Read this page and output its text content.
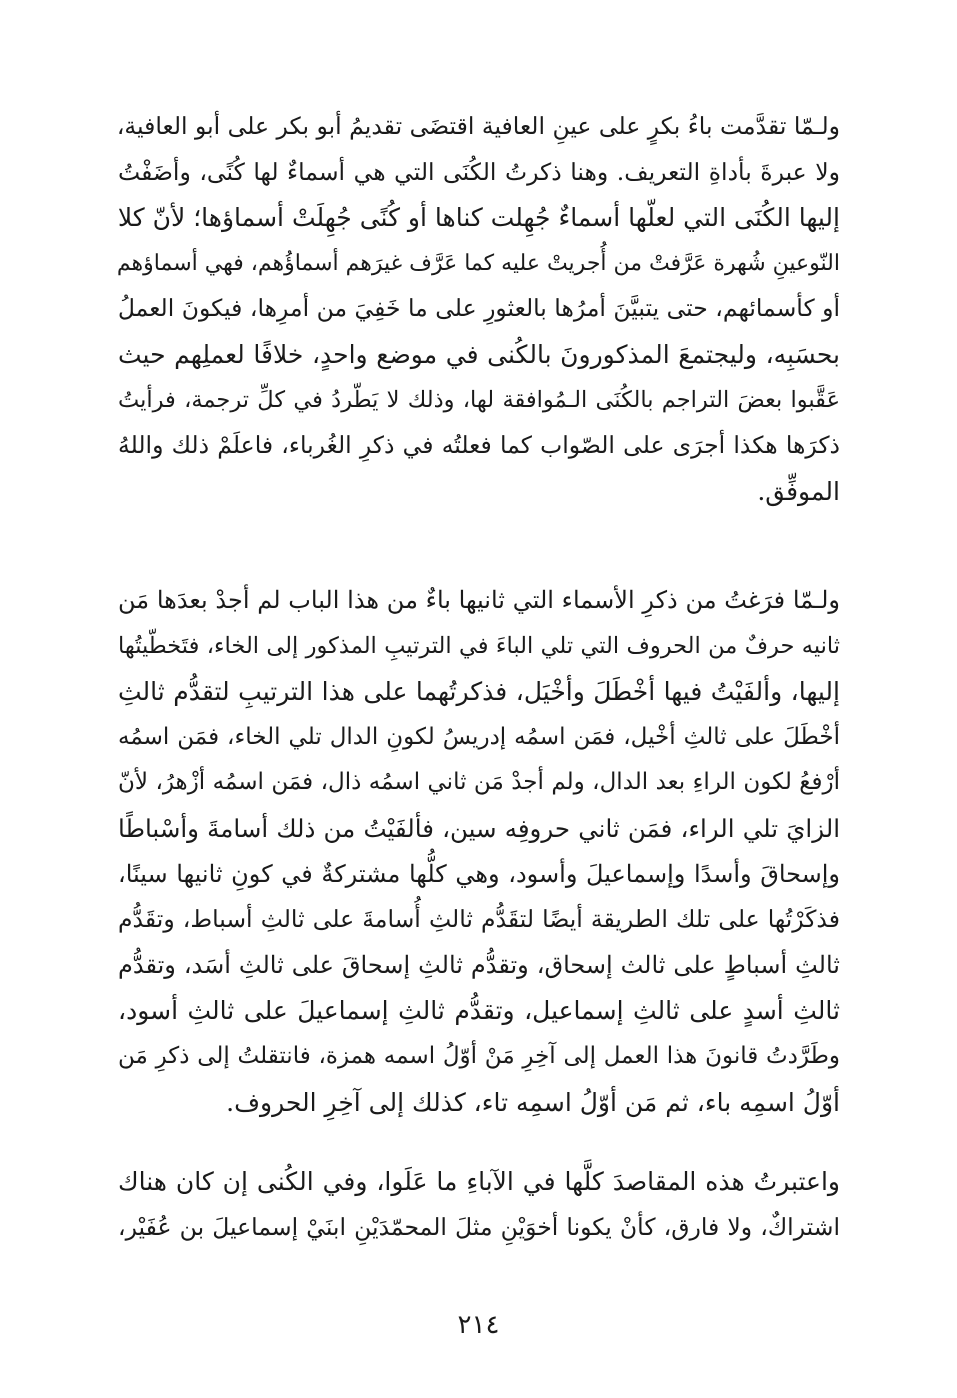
ولـمّا تقدَّمت باءُ بكرٍ على عينِ العافية اقتضَى تقديمُ أبو بكر على أبو العافية،
ولا عبرةَ بأداةِ التعريف. وهنا ذكرتُ الكُنَى التي هي أسماءٌ لها كُنًى، وأضَفْتُ
إليها الكُنَى التي لعلّها أسماءٌ جُهِلت كناها أو كُنًى جُهِلَتْ أسماؤها؛ لأنّ كلا
النّوعينِ شُهرة عَرَّفتْ من أُجريتْ عليه كما عَرَّف غيرَهم أسماؤُهم، فهي أسماؤهم
أو كأسمائهم، حتى يتبيَّنَ أمرُها بالعثورِ على ما خَفِيَ من أمرِها، فيكونَ العملُ
بحسَبِه، وليجتمعَ المذكورونَ بالكُنى في موضع واحدٍ، خلافًا لعملِهم حيث
عَقَّبوا بعضَ التراجم بالكُنَى الـمُوافقة لها، وذلك لا يَطّردُ في كلِّ ترجمة، فرأيتُ
ذكرَها هكذا أجرَى على الصّواب كما فعلتُه في ذكرِ الغُرباء، فاعلَمْ ذلك واللهُ
الموفِّق.
ولـمّا فرَغتُ من ذكرِ الأسماء التي ثانيها باءٌ من هذا الباب لم أجدْ بعدَها مَن
ثانيه حرفٌ من الحروف التي تلي الباءَ في الترتيبِ المذكور إلى الخاء، فتَخطّيتُها
إليها، وألفَيْتُ فيها أخْطَلَ وأخْيَل، فذكرتُهما على هذا الترتيبِ لتقدُّم ثالثِ
أخْطَلَ على ثالثِ أخْيل، فمَن اسمُه إدريسُ لكونِ الدال تلي الخاء، فمَن اسمُه
أرْفعُ لكون الراءِ بعد الدال، ولم أجدْ مَن ثاني اسمُه ذال، فمَن اسمُه أزْهرُ، لأنّ
الزايَ تلي الراء، فمَن ثاني حروفِه سين، فألفَيْتُ من ذلك أسامةَ وأسْباطًا
وإسحاقَ وأسدًا وإسماعيلَ وأسود، وهي كلُّها مشتركةٌ في كونِ ثانيها سينًا،
فذكَرْتُها على تلك الطريقة أيضًا لتقَدُّم ثالثِ أُسامةَ على ثالثِ أسباط، وتقَدُّم
ثالثِ أسباطٍ على ثالث إسحاق، وتقدُّم ثالثِ إسحاقَ على ثالثِ أسَد، وتقدُّم
ثالثِ أسدٍ على ثالثِ إسماعيل، وتقدُّم ثالثِ إسماعيلَ على ثالثِ أسود،
وطَرَّدتُ قانونَ هذا العمل إلى آخِرِ مَنْ أوّلُ اسمه همزة، فانتقلتُ إلى ذكرِ مَن
أوّلُ اسمِه باء، ثم مَن أوّلُ اسمِه تاء، كذلك إلى آخِرِ الحروف.
واعتبرتُ هذه المقاصدَ كلَّها في الآباءِ ما عَلَوا، وفي الكُنى إن كان هناك
اشتراكٌ، ولا فارق، كأنْ يكونا أخوَيْنِ مثلَ المحمّدَيْنِ ابنَيْ إسماعيلَ بن عُفَيْر،
٢١٤
